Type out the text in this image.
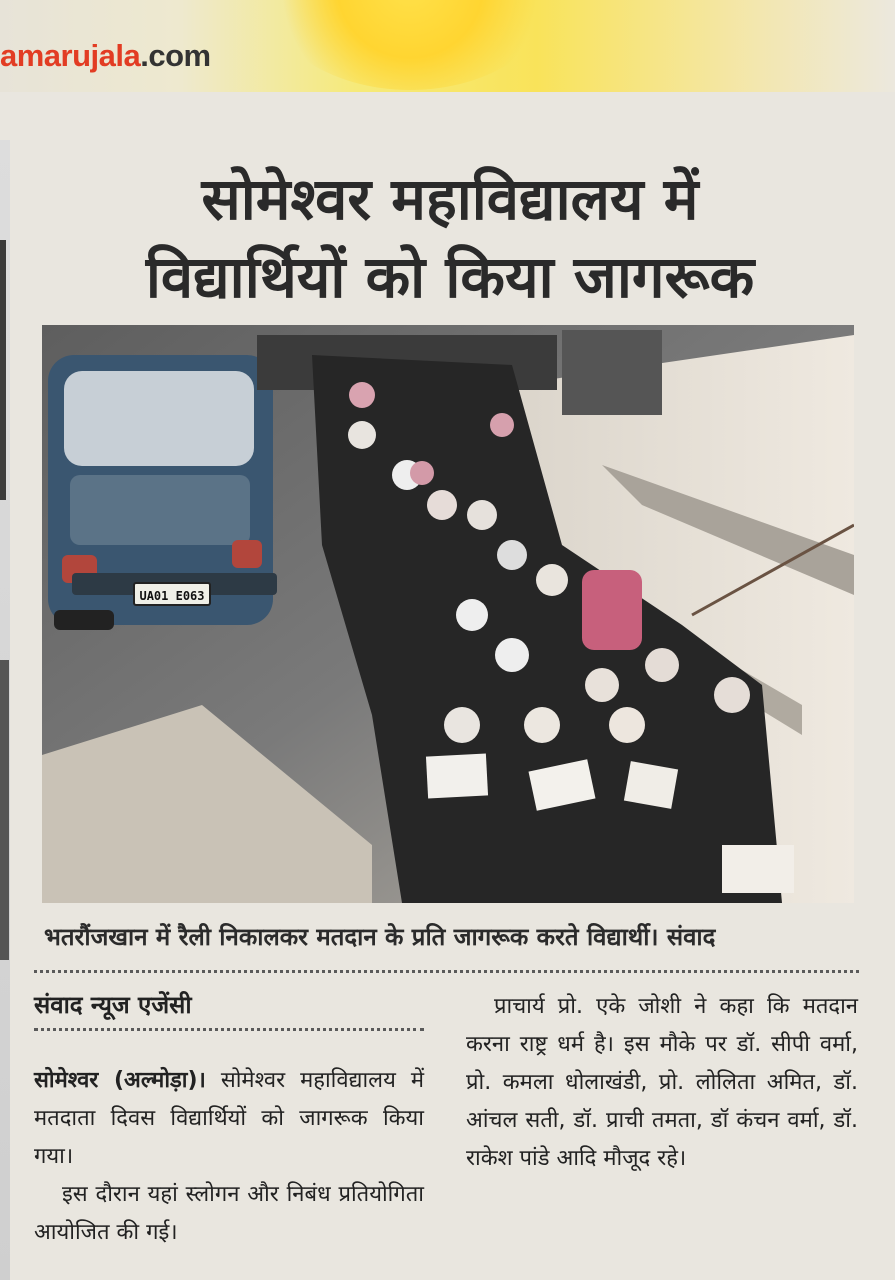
amarujala.com
सोमेश्वर महाविद्यालय में
विद्यार्थियों को किया जागरूक
UA01 E063
भतरौंजखान में रैली निकालकर मतदान के प्रति जागरूक करते विद्यार्थी। संवाद
संवाद न्यूज एजेंसी

सोमेश्वर (अल्मोड़ा)। सोमेश्वर महाविद्यालय में मतदाता दिवस विद्यार्थियों को जागरूक किया गया।

इस दौरान यहां स्लोगन और निबंध प्रतियोगिता आयोजित की गई।

प्राचार्य प्रो. एके जोशी ने कहा कि मतदान करना राष्ट्र धर्म है। इस मौके पर डॉ. सीपी वर्मा, प्रो. कमला धोलाखंडी, प्रो. लोलिता अमित, डॉ. आंचल सती, डॉ. प्राची तमता, डॉ कंचन वर्मा, डॉ. राकेश पांडे आदि मौजूद रहे।
